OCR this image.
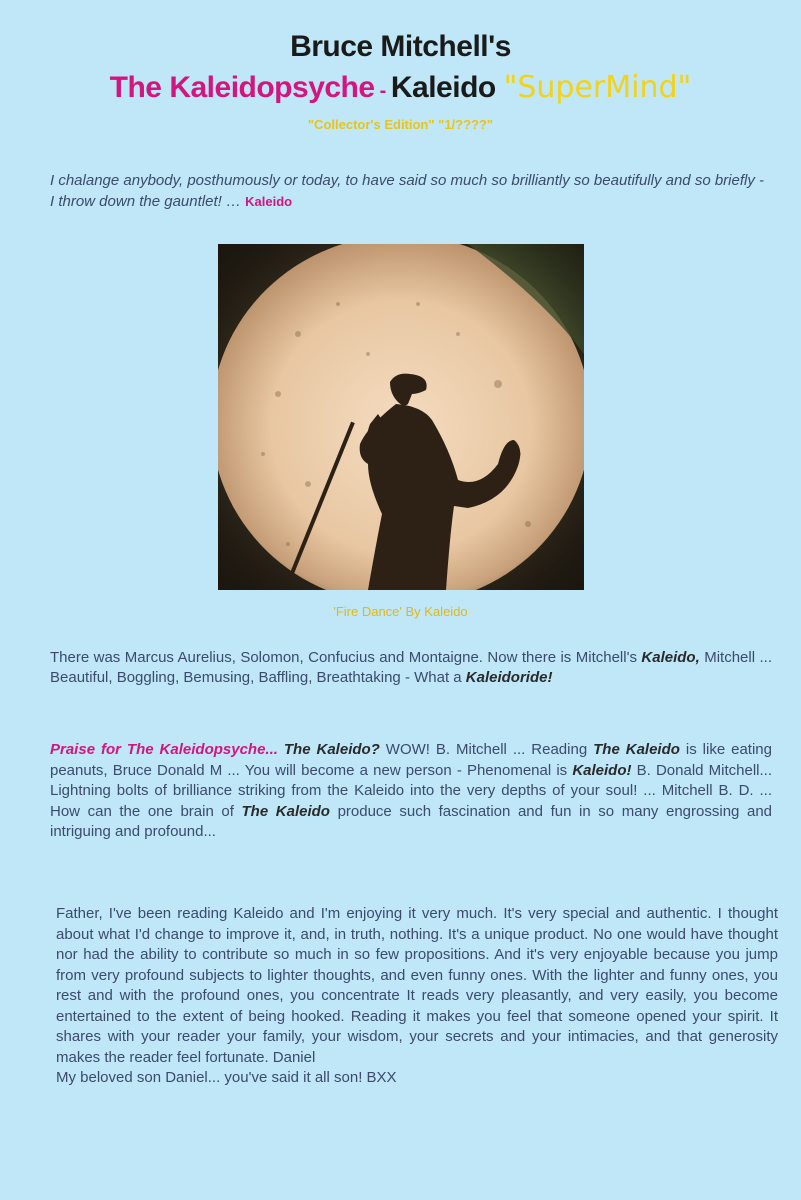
Bruce Mitchell's
The Kaleidopsyche - Kaleido "SuperMind"
"Collector's Edition" "1/????"
I chalange anybody, posthumously or today, to have said so much so brilliantly so beautifully and so briefly - I throw down the gauntlet! … Kaleido
'Fire Dance' By Kaleido
There was Marcus Aurelius, Solomon, Confucius and Montaigne. Now there is Mitchell's Kaleido, Mitchell ... Beautiful, Boggling, Bemusing, Baffling, Breathtaking - What a Kaleidoride!
Praise for The Kaleidopsyche... The Kaleido? WOW! B. Mitchell ... Reading The Kaleido is like eating peanuts, Bruce Donald M ... You will become a new person - Phenomenal is Kaleido! B. Donald Mitchell... Lightning bolts of brilliance striking from the Kaleido into the very depths of your soul! ... Mitchell B. D. ... How can the one brain of The Kaleido produce such fascination and fun in so many engrossing and intriguing and profound...
Father, I've been reading Kaleido and I'm enjoying it very much. It's very special and authentic. I thought about what I'd change to improve it, and, in truth, nothing. It's a unique product. No one would have thought nor had the ability to contribute so much in so few propositions. And it's very enjoyable because you jump from very profound subjects to lighter thoughts, and even funny ones. With the lighter and funny ones, you rest and with the profound ones, you concentrate It reads very pleasantly, and very easily, you become entertained to the extent of being hooked. Reading it makes you feel that someone opened your spirit. It shares with your reader your family, your wisdom, your secrets and your intimacies, and that generosity makes the reader feel fortunate. Daniel
My beloved son Daniel... you've said it all son! BXX
